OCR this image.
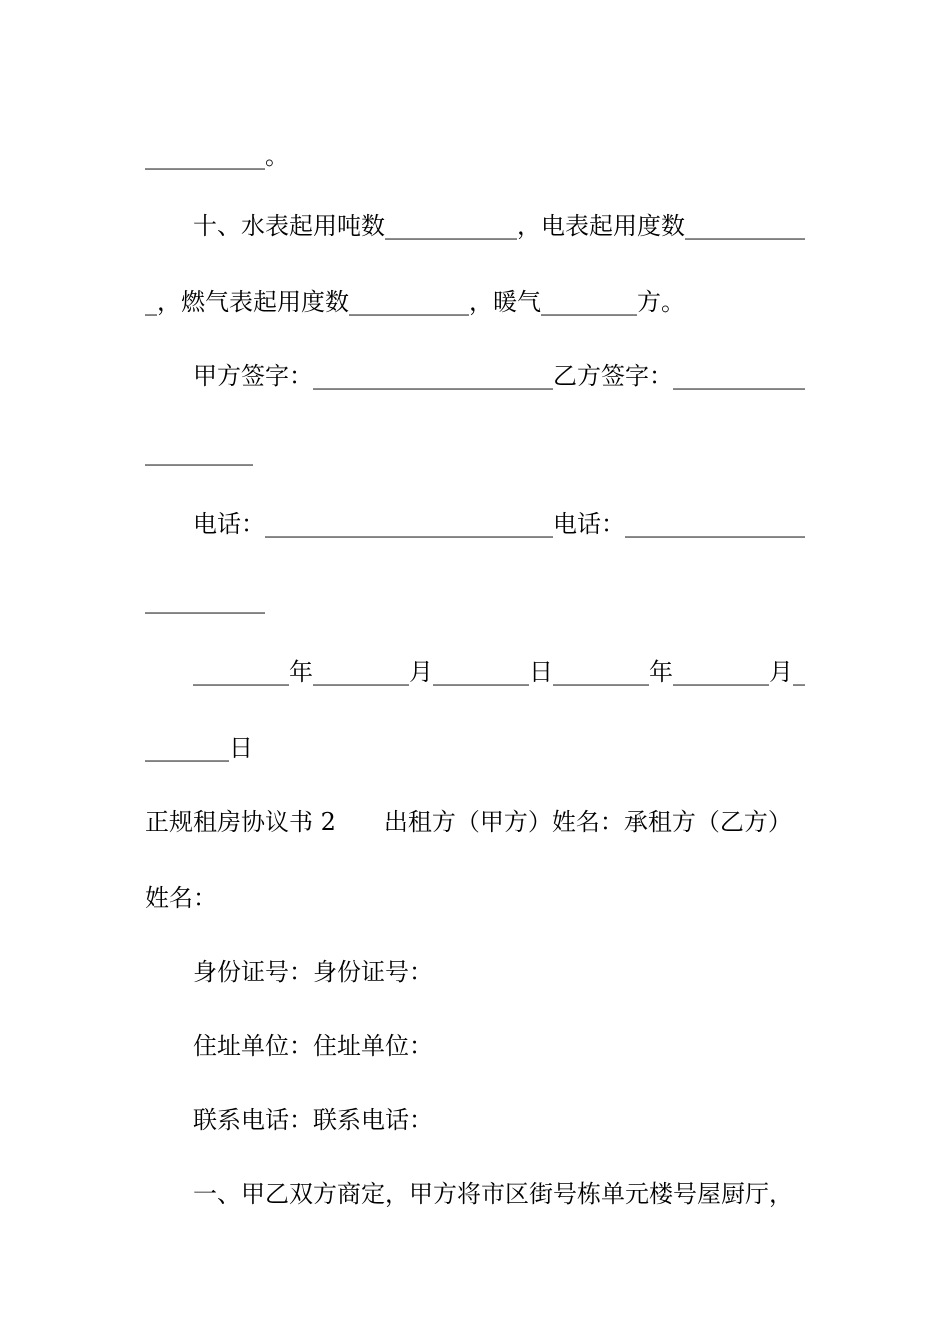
__________。
十、水表起用吨数___________，电表起用度数__________
_，燃气表起用度数__________，暖气________方。
甲方签字：____________________乙方签字：___________
_________
电话：________________________电话：_______________
__________
________年________月________日________年________月_
_______日
正规租房协议书 2　　出租方（甲方）姓名：承租方（乙方）
姓名：
身份证号：身份证号：
住址单位：住址单位：
联系电话：联系电话：
一、甲乙双方商定，甲方将市区街号栋单元楼号屋厨厅，
